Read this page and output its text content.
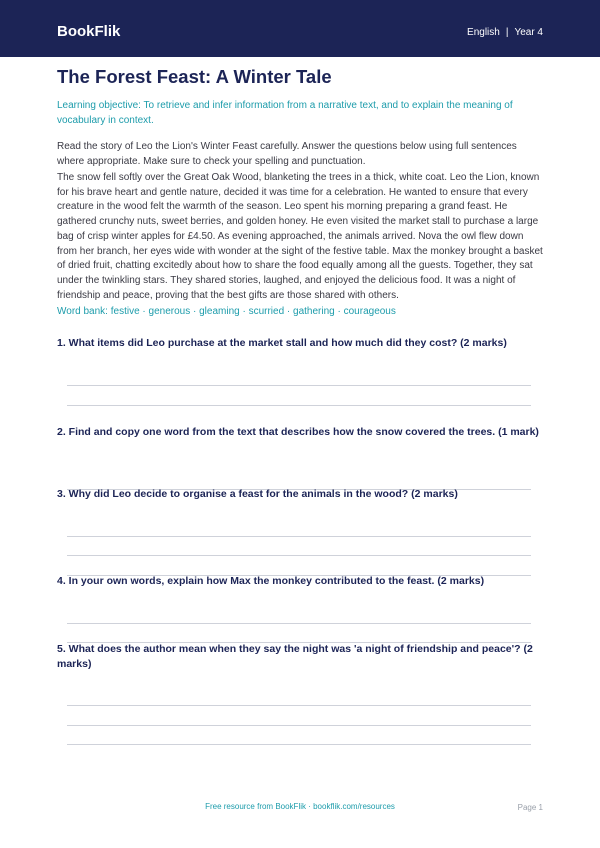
BookFlik	English | Year 4
The Forest Feast: A Winter Tale

Learning objective: To retrieve and infer information from a narrative text, and to explain the meaning of vocabulary in context.

Read the story of Leo the Lion's Winter Feast carefully. Answer the questions below using full sentences where appropriate. Make sure to check your spelling and punctuation.

The snow fell softly over the Great Oak Wood, blanketing the trees in a thick, white coat. Leo the Lion, known for his brave heart and gentle nature, decided it was time for a celebration. He wanted to ensure that every creature in the wood felt the warmth of the season. Leo spent his morning preparing a grand feast. He gathered crunchy nuts, sweet berries, and golden honey. He even visited the market stall to purchase a large bag of crisp winter apples for £4.50. As evening approached, the animals arrived. Nova the owl flew down from her branch, her eyes wide with wonder at the sight of the festive table. Max the monkey brought a basket of dried fruit, chatting excitedly about how to share the food equally among all the guests. Together, they sat under the twinkling stars. They shared stories, laughed, and enjoyed the delicious food. It was a night of friendship and peace, proving that the best gifts are those shared with others.

Word bank: festive · generous · gleaming · scurried · gathering · courageous

1. What items did Leo purchase at the market stall and how much did they cost? (2 marks)

2. Find and copy one word from the text that describes how the snow covered the trees. (1 mark)

3. Why did Leo decide to organise a feast for the animals in the wood? (2 marks)

4. In your own words, explain how Max the monkey contributed to the feast. (2 marks)

5. What does the author mean when they say the night was 'a night of friendship and peace'? (2 marks)

Free resource from BookFlik · bookflik.com/resources	Page 1
